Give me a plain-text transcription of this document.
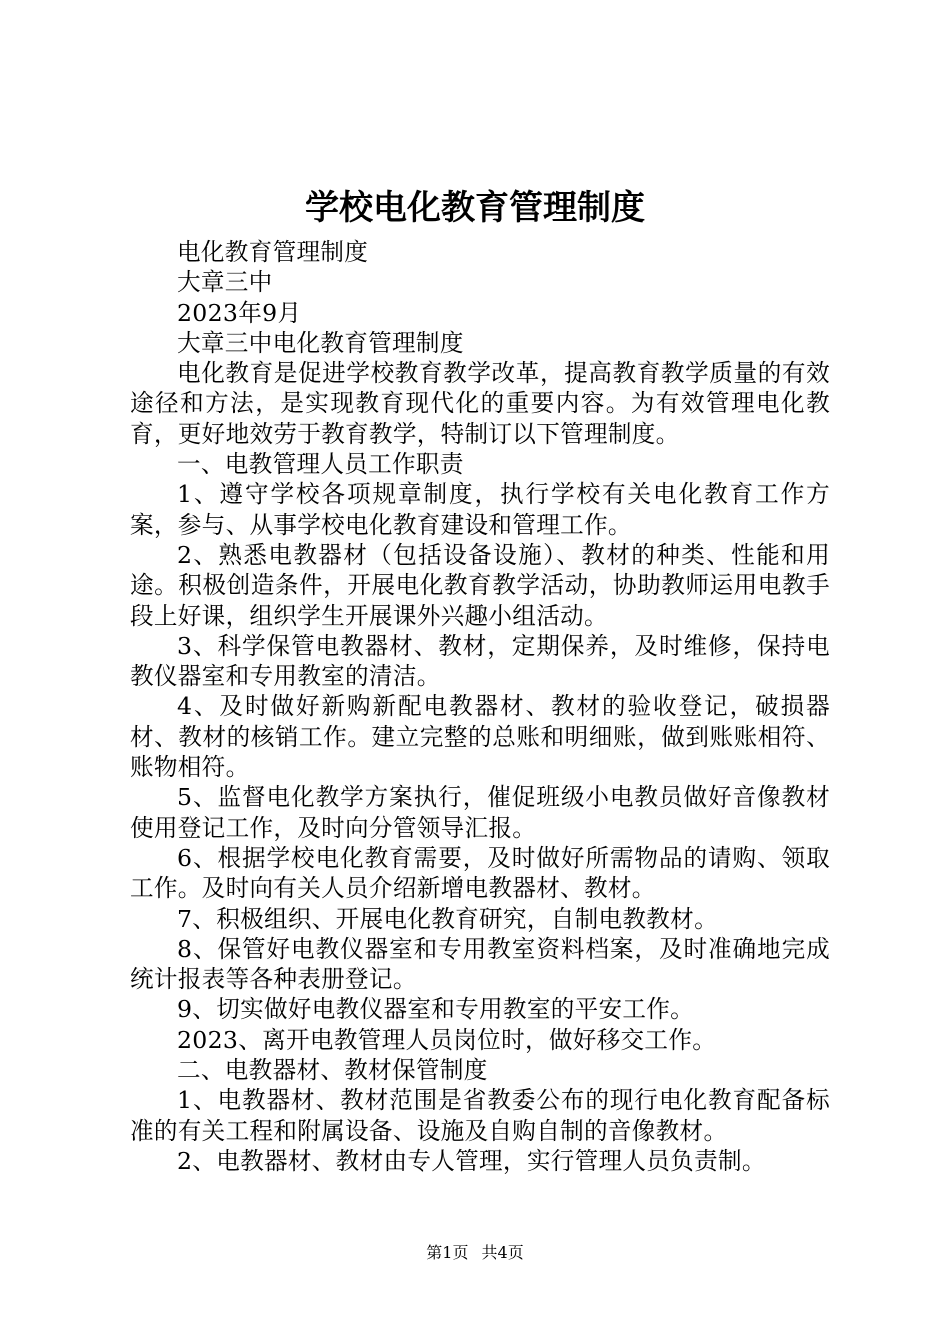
学校电化教育管理制度

电化教育管理制度

大章三中

2023年9月

大章三中电化教育管理制度

电化教育是促进学校教育教学改革，提高教育教学质量的有效途径和方法，是实现教育现代化的重要内容。为有效管理电化教育，更好地效劳于教育教学，特制订以下管理制度。

一、电教管理人员工作职责

1、遵守学校各项规章制度，执行学校有关电化教育工作方案，参与、从事学校电化教育建设和管理工作。

2、熟悉电教器材（包括设备设施）、教材的种类、性能和用途。积极创造条件，开展电化教育教学活动，协助教师运用电教手段上好课，组织学生开展课外兴趣小组活动。

3、科学保管电教器材、教材，定期保养，及时维修，保持电教仪器室和专用教室的清洁。

4、及时做好新购新配电教器材、教材的验收登记，破损器材、教材的核销工作。建立完整的总账和明细账，做到账账相符、账物相符。

5、监督电化教学方案执行，催促班级小电教员做好音像教材使用登记工作，及时向分管领导汇报。

6、根据学校电化教育需要，及时做好所需物品的请购、领取工作。及时向有关人员介绍新增电教器材、教材。

7、积极组织、开展电化教育研究，自制电教教材。

8、保管好电教仪器室和专用教室资料档案，及时准确地完成统计报表等各种表册登记。

9、切实做好电教仪器室和专用教室的平安工作。

2023、离开电教管理人员岗位时，做好移交工作。

二、电教器材、教材保管制度

1、电教器材、教材范围是省教委公布的现行电化教育配备标准的有关工程和附属设备、设施及自购自制的音像教材。

2、电教器材、教材由专人管理，实行管理人员负责制。

第1页 共4页
